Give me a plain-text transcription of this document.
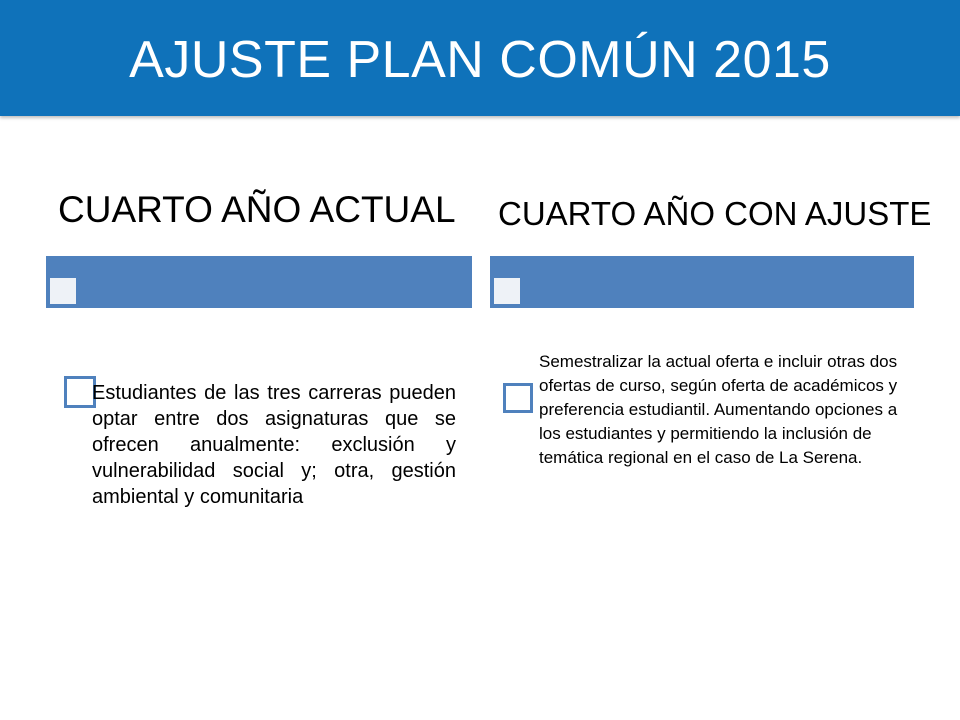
AJUSTE PLAN COMÚN 2015
CUARTO AÑO ACTUAL	CUARTO AÑO CON AJUSTE
Estudiantes de las tres carreras pueden optar entre dos asignaturas que se ofrecen anualmente: exclusión y vulnerabilidad social y; otra, gestión ambiental y comunitaria
Semestralizar la actual oferta e incluir otras dos ofertas de curso, según oferta de académicos y preferencia estudiantil. Aumentando opciones a los estudiantes y permitiendo la inclusión de temática regional en el caso de La Serena.
